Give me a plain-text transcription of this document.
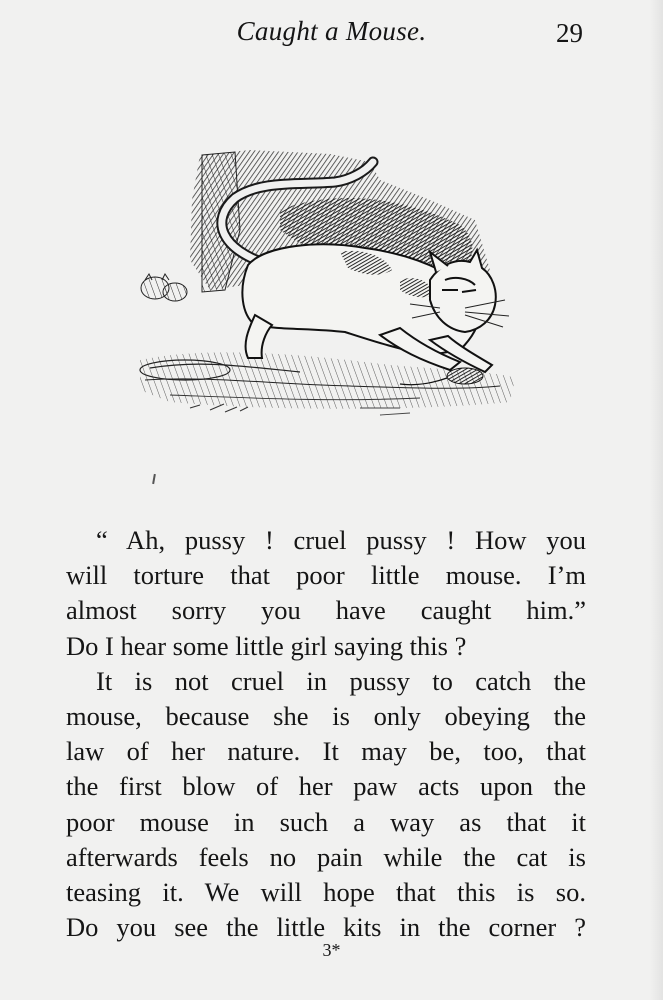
Caught a Mouse.	29
“ Ah, pussy ! cruel pussy ! How you
will torture that poor little mouse. I’m
almost sorry you have caught him.”
Do I hear some little girl saying this ?
It is not cruel in pussy to catch the
mouse, because she is only obeying the
law of her nature. It may be, too, that
the first blow of her paw acts upon the
poor mouse in such a way as that it
afterwards feels no pain while the cat is
teasing it. We will hope that this is so.
Do you see the little kits in the corner ?
3*
